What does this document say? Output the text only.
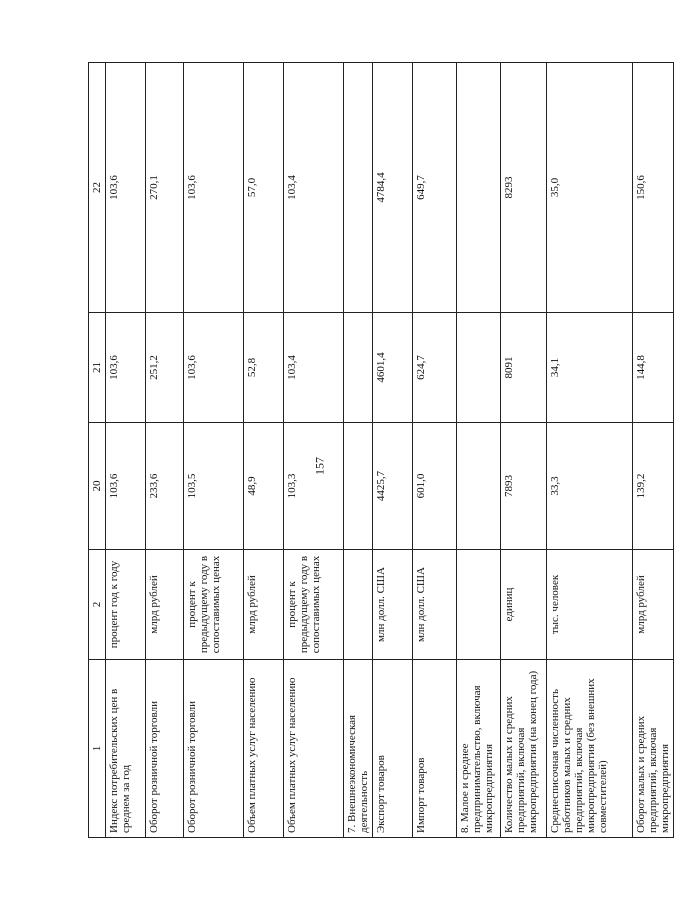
157
1	2	20	21	22
Индекс потребительских цен в среднем за год	процент год к году	103,6	103,6	103,6
Оборот розничной торговли	млрд рублей	233,6	251,2	270,1
Оборот розничной торговли	процент к предыдущему году в сопоставимых ценах	103,5	103,6	103,6
Объем платных услуг населению	млрд рублей	48,9	52,8	57,0
Объем платных услуг населению	процент к предыдущему году в сопоставимых ценах	103,3	103,4	103,4
7. Внешнеэкономическая деятельность				
Экспорт товаров	млн долл. США	4425,7	4601,4	4784,4
Импорт товаров	млн долл. США	601,0	624,7	649,7
8. Малое и среднее предпринимательство, включая микропредприятия				
Количество малых и средних предприятий, включая микропредприятия (на конец года)	единиц	7893	8091	8293
Среднесписочная численность работников малых и средних предприятий, включая микропредприятия (без внешних совместителей)	тыс. человек	33,3	34,1	35,0
Оборот малых и средних предприятий, включая микропредприятия	млрд рублей	139,2	144,8	150,6
